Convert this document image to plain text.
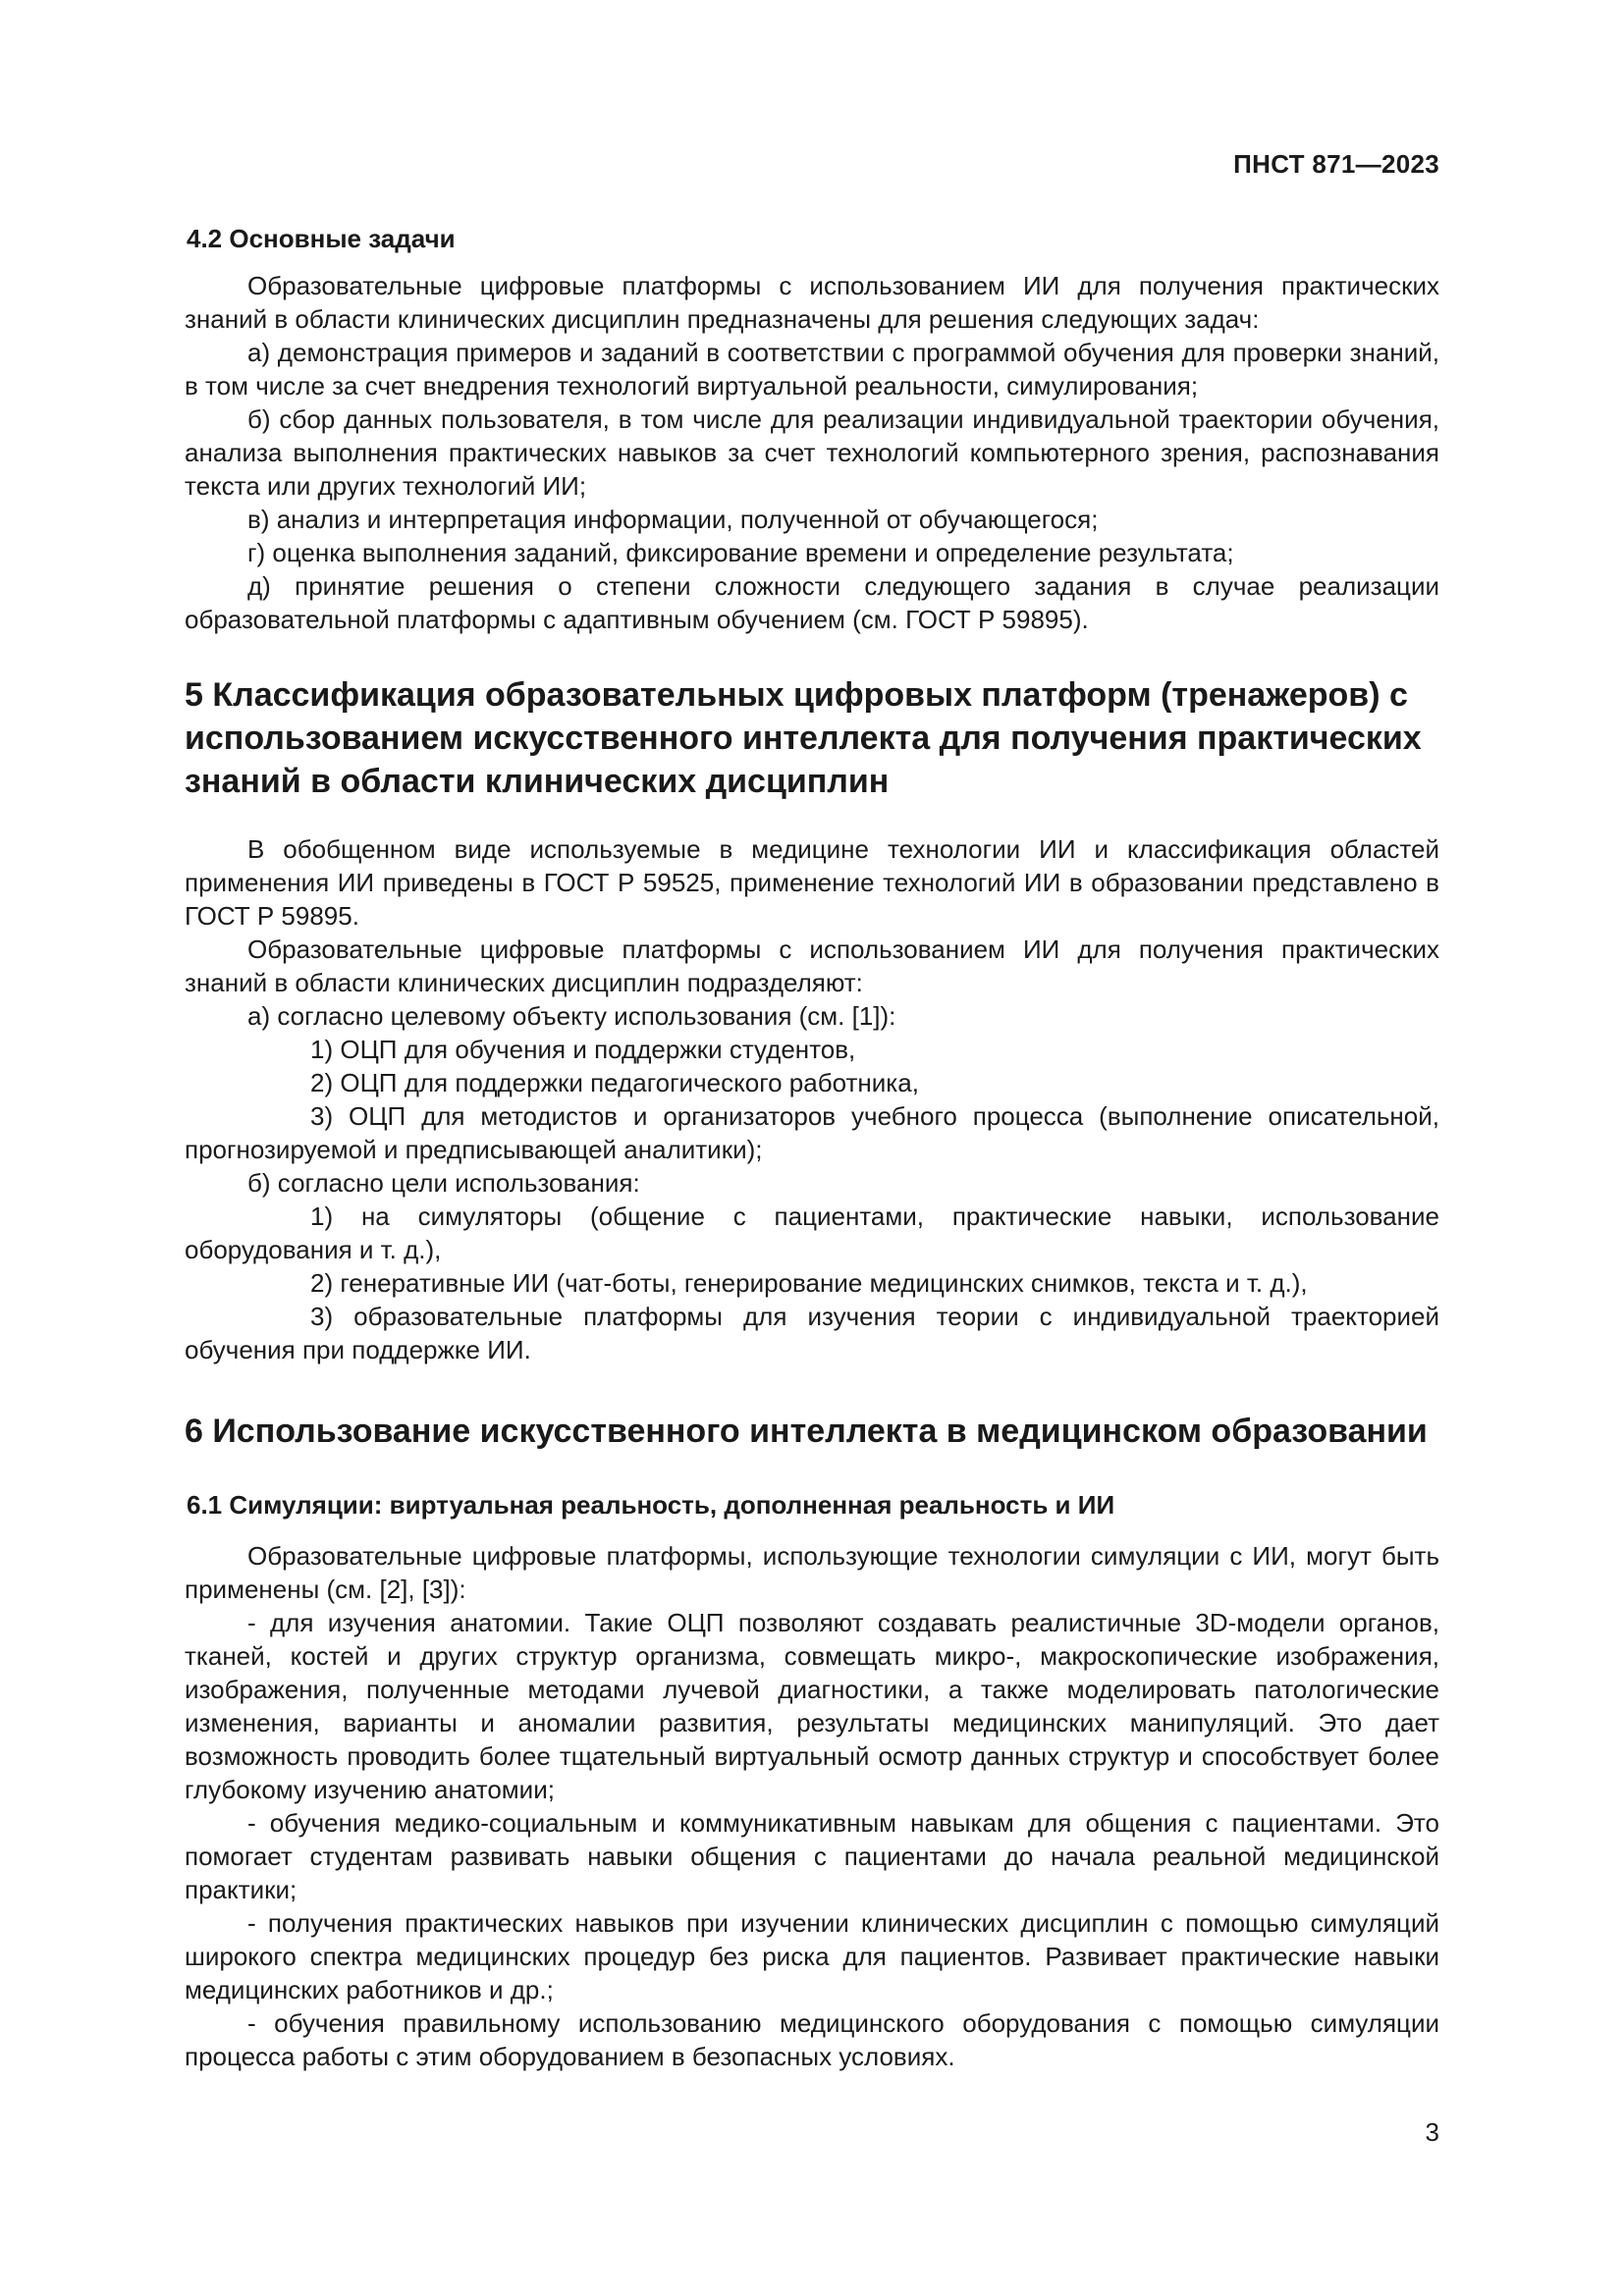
ПНСТ 871—2023
4.2 Основные задачи

Образовательные цифровые платформы с использованием ИИ для получения практических знаний в области клинических дисциплин предназначены для решения следующих задач:

а) демонстрация примеров и заданий в соответствии с программой обучения для проверки знаний, в том числе за счет внедрения технологий виртуальной реальности, симулирования;

б) сбор данных пользователя, в том числе для реализации индивидуальной траектории обучения, анализа выполнения практических навыков за счет технологий компьютерного зрения, распознавания текста или других технологий ИИ;

в) анализ и интерпретация информации, полученной от обучающегося;

г) оценка выполнения заданий, фиксирование времени и определение результата;

д) принятие решения о степени сложности следующего задания в случае реализации образовательной платформы с адаптивным обучением (см. ГОСТ Р 59895).

5 Классификация образовательных цифровых платформ (тренажеров) с использованием искусственного интеллекта для получения практических знаний в области клинических дисциплин

В обобщенном виде используемые в медицине технологии ИИ и классификация областей применения ИИ приведены в ГОСТ Р 59525, применение технологий ИИ в образовании представлено в ГОСТ Р 59895.

Образовательные цифровые платформы с использованием ИИ для получения практических знаний в области клинических дисциплин подразделяют:

а) согласно целевому объекту использования (см. [1]):

1) ОЦП для обучения и поддержки студентов,

2) ОЦП для поддержки педагогического работника,

3) ОЦП для методистов и организаторов учебного процесса (выполнение описательной, прогнозируемой и предписывающей аналитики);

б) согласно цели использования:

1) на симуляторы (общение с пациентами, практические навыки, использование оборудования и т. д.),

2) генеративные ИИ (чат-боты, генерирование медицинских снимков, текста и т. д.),

3) образовательные платформы для изучения теории с индивидуальной траекторией обучения при поддержке ИИ.

6 Использование искусственного интеллекта в медицинском образовании
6.1 Симуляции: виртуальная реальность, дополненная реальность и ИИ

Образовательные цифровые платформы, использующие технологии симуляции с ИИ, могут быть применены (см. [2], [3]):

- для изучения анатомии. Такие ОЦП позволяют создавать реалистичные 3D-модели органов, тканей, костей и других структур организма, совмещать микро-, макроскопические изображения, изображения, полученные методами лучевой диагностики, а также моделировать патологические изменения, варианты и аномалии развития, результаты медицинских манипуляций. Это дает возможность проводить более тщательный виртуальный осмотр данных структур и способствует более глубокому изучению анатомии;

- обучения медико-социальным и коммуникативным навыкам для общения с пациентами. Это помогает студентам развивать навыки общения с пациентами до начала реальной медицинской практики;

- получения практических навыков при изучении клинических дисциплин с помощью симуляций широкого спектра медицинских процедур без риска для пациентов. Развивает практические навыки медицинских работников и др.;

- обучения правильному использованию медицинского оборудования с помощью симуляции процесса работы с этим оборудованием в безопасных условиях.

3
